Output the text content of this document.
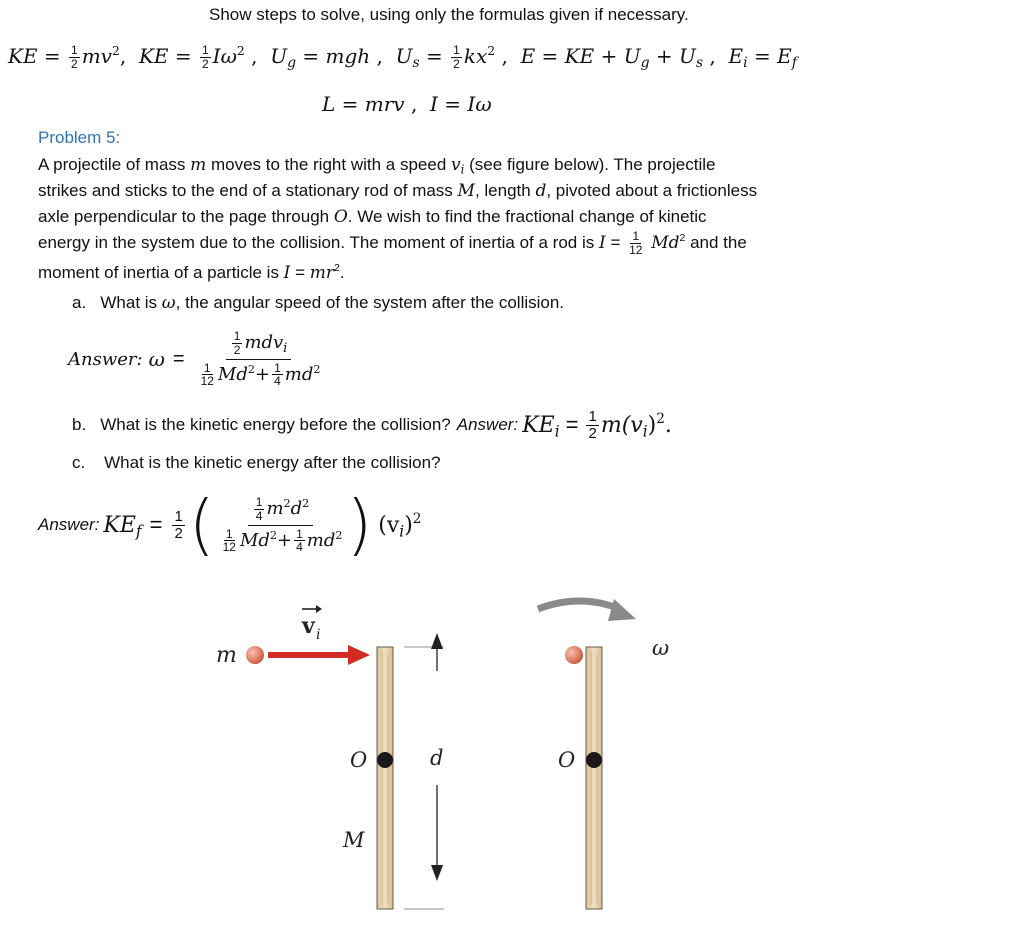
Show steps to solve, using only the formulas given if necessary.
KE = $\frac{1}{2} mv^2$,  KE = $\frac{1}{2} I\omega^2$ ,  $U_g$ = mgh ,  $U_s = \frac{1}{2} kx^2$ ,  E = KE + $U_g + U_s$ ,  $E_i = E_f$
L = mrv ,  I = Iω
Problem 5:
A projectile of mass m moves to the right with a speed $v_i$ (see figure below). The projectile
strikes and sticks to the end of a stationary rod of mass M, length d, pivoted about a frictionless
axle perpendicular to the page through O. We wish to find the fractional change of kinetic
energy in the system due to the collision. The moment of inertia of a rod is $I = \frac{1}{12} Md^2$ and the
moment of inertia of a particle is $I = mr^2$.
a. What is ω, the angular speed of the system after the collision.
Answer: $\omega = \frac{\frac{1}{2} mdv_i}{\frac{1}{12} Md^2+ \frac{1}{4} md^2}$
b. What is the kinetic energy before the collision? Answer: $KE_i = \frac{1}{2} m(v_i)^2$.
c. What is the kinetic energy after the collision?
Answer: $KE_f = \frac{1}{2}$ ( $\frac{\frac{1}{4} m^2d^2}{\frac{1}{12} Md^2+ \frac{1}{4} md^2}$ ) $(v_i)^2$
m
v i
O
M
d
ω
O
